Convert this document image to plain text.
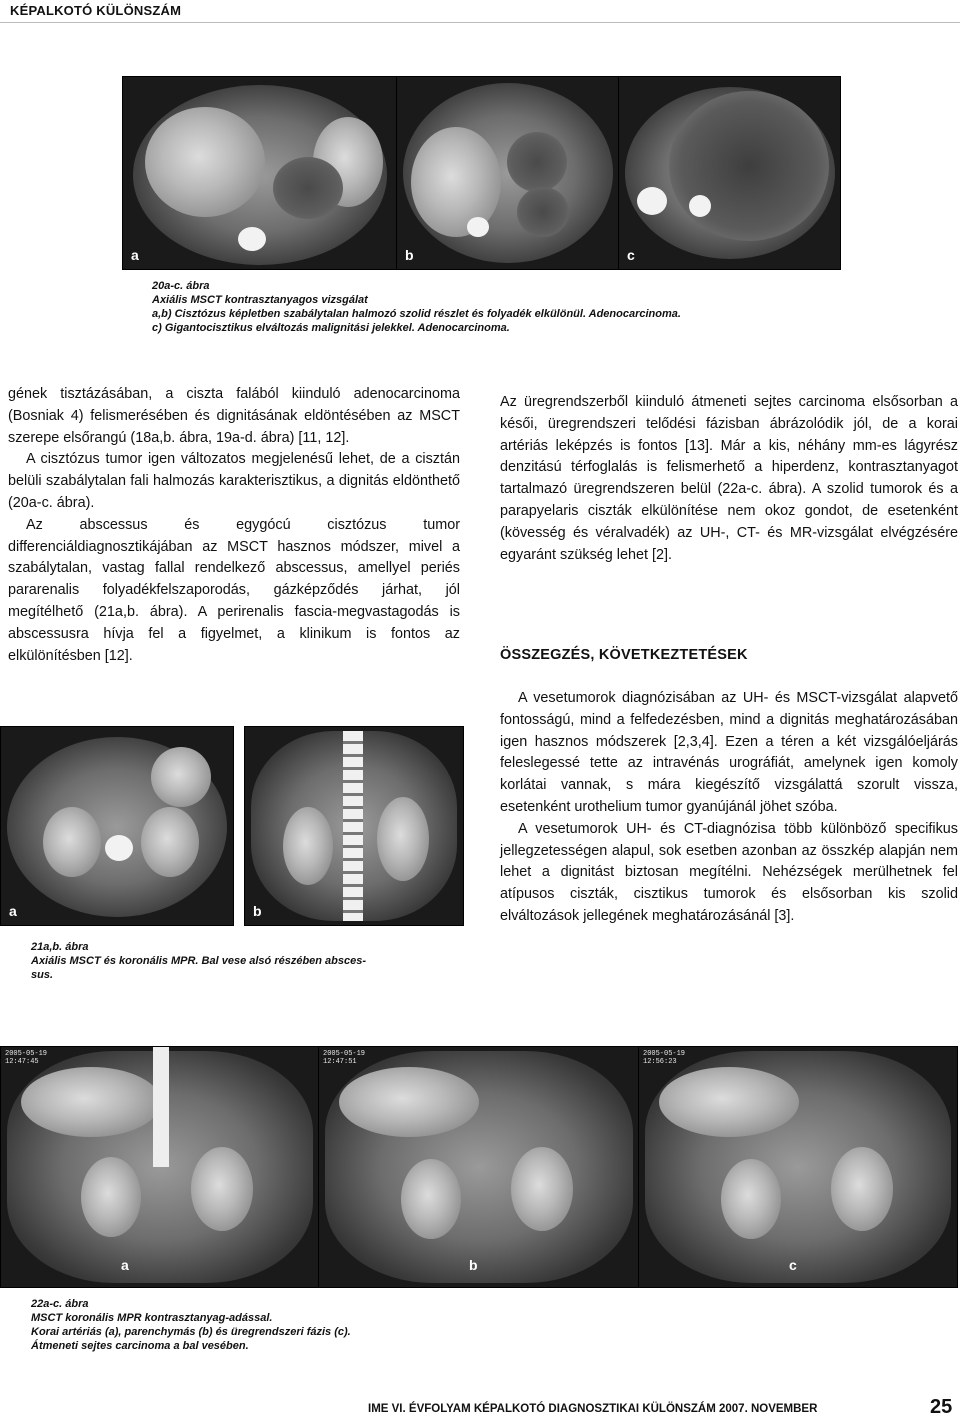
KÉPALKOTÓ KÜLÖNSZÁM
a	b	c
20a-c. ábra
Axiális MSCT kontrasztanyagos vizsgálat
a,b) Cisztózus képletben szabálytalan halmozó szolid részlet és folyadék elkülönül. Adenocarcinoma.
c) Gigantocisztikus elváltozás malignitási jelekkel. Adenocarcinoma.

gének tisztázásában, a ciszta falából kiinduló adenocarcinoma (Bosniak 4) felismerésében és dignitásának eldöntésében az MSCT szerepe elsőrangú (18a,b. ábra, 19a-d. ábra) [11, 12].

A cisztózus tumor igen változatos megjelenésű lehet, de a cisztán belüli szabálytalan fali halmozás karakterisztikus, a dignitás eldönthető (20a-c. ábra).

Az abscessus és egygócú cisztózus tumor differenciáldiagnosztikájában az MSCT hasznos módszer, mivel a szabálytalan, vastag fallal rendelkező abscessus, amellyel periés pararenalis folyadékfelszaporodás, gázképződés járhat, jól megítélhető (21a,b. ábra). A perirenalis fascia-megvastagodás is abscessusra hívja fel a figyelmet, a klinikum is fontos az elkülönítésben [12].

a	b
21a,b. ábra
Axiális MSCT és koronális MPR. Bal vese alsó részében absces-
sus.

Az üregrendszerből kiinduló átmeneti sejtes carcinoma elsősorban a késői, üregrendszeri telődési fázisban ábrázolódik jól, de a korai artériás leképzés is fontos [13]. Már a kis, néhány mm-es lágyrész denzitású térfoglalás is felismerhető a hiperdenz, kontrasztanyagot tartalmazó üregrendszeren belül (22a-c. ábra). A szolid tumorok és a parapyelaris ciszták elkülönítése nem okoz gondot, de esetenként (kövesség és véralvadék) az UH-, CT- és MR-vizsgálat elvégzésére egyaránt szükség lehet [2].

ÖSSZEGZÉS, KÖVETKEZTETÉSEK

A vesetumorok diagnózisában az UH- és MSCT-vizsgálat alapvető fontosságú, mind a felfedezésben, mind a dignitás meghatározásában igen hasznos módszerek [2,3,4]. Ezen a téren a két vizsgálóeljárás feleslegessé tette az intravénás urográfiát, amelynek igen komoly korlátai vannak, s mára kiegészítő vizsgálattá szorult vissza, esetenként urothelium tumor gyanújánál jöhet szóba.

A vesetumorok UH- és CT-diagnózisa több különböző specifikus jellegzetességen alapul, sok esetben azonban az összkép alapján nem lehet a dignitást biztosan megítélni. Nehézségek merülhetnek fel atípusos ciszták, cisztikus tumorok és elsősorban kis szolid elváltozások jellegének meghatározásánál [3].

2005-05-19
12:47:45
a
2005-05-19
12:47:51
b
2005-05-19
12:56:23
c
22a-c. ábra
MSCT koronális MPR kontrasztanyag-adással.
Korai artériás (a), parenchymás (b) és üregrendszeri fázis (c).
Átmeneti sejtes carcinoma a bal vesében.
IME VI. ÉVFOLYAM KÉPALKOTÓ DIAGNOSZTIKAI KÜLÖNSZÁM 2007. NOVEMBER	25
